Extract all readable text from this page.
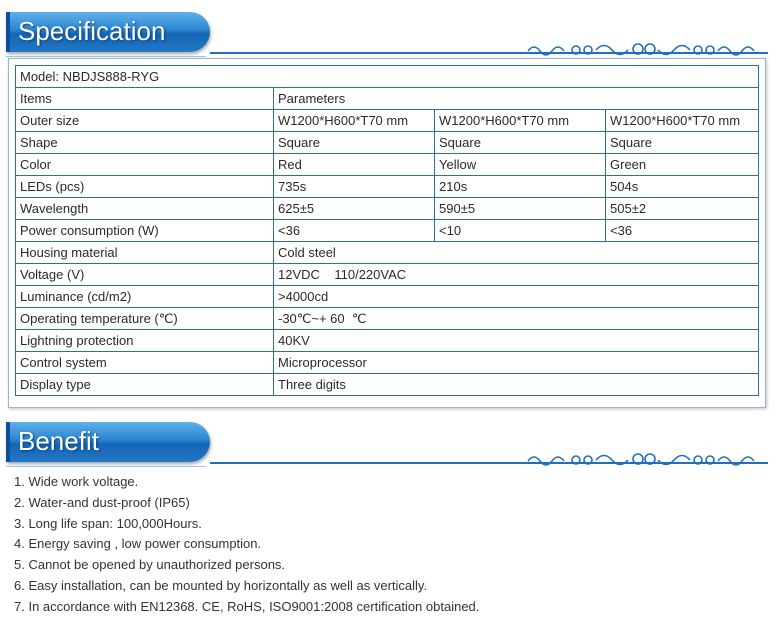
Specification
Model: NBDJS888-RYG			
Items	Parameters		
Outer size	W1200*H600*T70 mm	W1200*H600*T70 mm	W1200*H600*T70 mm
Shape	Square	Square	Square
Color	Red	Yellow	Green
LEDs (pcs)	735s	210s	504s
Wavelength	625±5	590±5	505±2
Power consumption (W)	<36	<10	<36
Housing material	Cold steel		
Voltage (V)	12VDC    110/220VAC		
Luminance (cd/m2)	>4000cd		
Operating temperature (℃)	-30℃~+ 60  ℃		
Lightning protection	40KV		
Control system	Microprocessor		
Display type	Three digits		
Benefit
1. Wide work voltage.
2. Water-and dust-proof (IP65)
3. Long life span: 100,000Hours.
4. Energy saving , low power consumption.
5. Cannot be opened by unauthorized persons.
6. Easy installation, can be mounted by horizontally as well as vertically.
7. In accordance with EN12368. CE, RoHS, ISO9001:2008 certification obtained.
